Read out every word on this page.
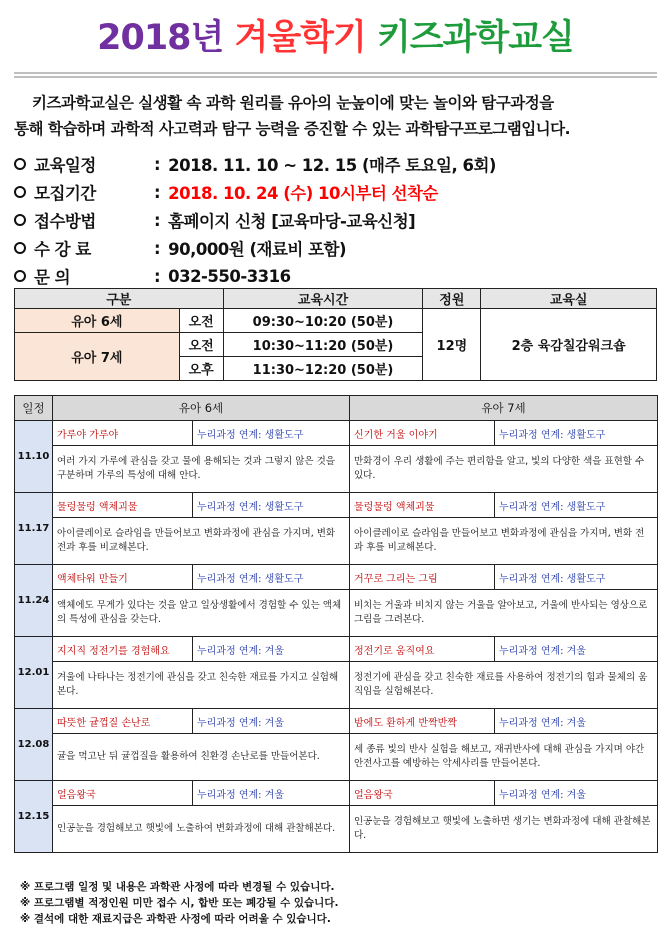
2018년 겨울학기 키즈과학교실

키즈과학교실은 실생활 속 과학 원리를 유아의 눈높이에 맞는 놀이와 탐구과정을

통해 학습하며 과학적 사고력과 탐구 능력을 증진할 수 있는 과학탐구프로그램입니다.

교육일정	: 2018. 11. 10 ~ 12. 15 (매주 토요일, 6회)
모집기간	: 2018. 10. 24 (수) 10시부터 선착순
접수방법	: 홈페이지 신청 [교육마당-교육신청]
수 강 료	: 90,000원 (재료비 포함)
문 의	: 032-550-3316
구분		교육시간	정원	교육실
유아 6세	오전	09:30~10:20 (50분)	12명	2층 육감칠감워크숍
유아 7세	오전	10:30~11:20 (50분)		
	오후	11:30~12:20 (50분)		
일정	유아 6세		유아 7세	
11.10	가루야 가루야	누리과정 연계: 생활도구	신기한 거울 이야기	누리과정 연계: 생활도구
	여러 가지 가루에 관심을 갖고 물에 용해되는 것과 그렇지 않은 것을 구분하며 가루의 특성에 대해 안다.		만화경이 우리 생활에 주는 편리함을 알고, 빛의 다양한 색을 표현할 수 있다.	
11.17	물렁물렁 액체괴물	누리과정 연계: 생활도구	물렁물렁 액체괴물	누리과정 연계: 생활도구
	아이클레이로 슬라임을 만들어보고 변화과정에 관심을 가지며, 변화 전과 후를 비교해본다.		아이클레이로 슬라임을 만들어보고 변화과정에 관심을 가지며, 변화 전과 후를 비교해본다.	
11.24	액체타워 만들기	누리과정 연계: 생활도구	거꾸로 그리는 그림	누리과정 연계: 생활도구
	액체에도 무게가 있다는 것을 알고 일상생활에서 경험할 수 있는 액체의 특성에 관심을 갖는다.		비치는 거울과 비치지 않는 거울을 알아보고, 거울에 반사되는 영상으로 그림을 그려본다.	
12.01	지지직 정전기를 경험해요	누리과정 연계: 겨울	정전기로 움직여요	누리과정 연계: 겨울
	겨울에 나타나는 정전기에 관심을 갖고 친숙한 재료를 가지고 실험해본다.		정전기에 관심을 갖고 친숙한 재료를 사용하여 정전기의 힘과 물체의 움직임을 실험해본다.	
12.08	따뜻한 귤껍질 손난로	누리과정 연계: 겨울	밤에도 환하게 반짝반짝	누리과정 연계: 겨울
	귤을 먹고난 뒤 귤껍질을 활용하여 친환경 손난로를 만들어본다.		세 종류 빛의 반사 실험을 해보고, 재귀반사에 대해 관심을 가지며 야간 안전사고를 예방하는 악세사리를 만들어본다.	
12.15	얼음왕국	누리과정 연계: 겨울	얼음왕국	누리과정 연계: 겨울
	인공눈을 경험해보고 햇빛에 노출하여 변화과정에 대해 관찰해본다.		인공눈을 경험해보고 햇빛에 노출하면 생기는 변화과정에 대해 관찰해본다.	

※ 프로그램 일정 및 내용은 과학관 사정에 따라 변경될 수 있습니다.

※ 프로그램별 적정인원 미만 접수 시, 합반 또는 폐강될 수 있습니다.

※ 결석에 대한 재료지급은 과학관 사정에 따라 어려울 수 있습니다.
